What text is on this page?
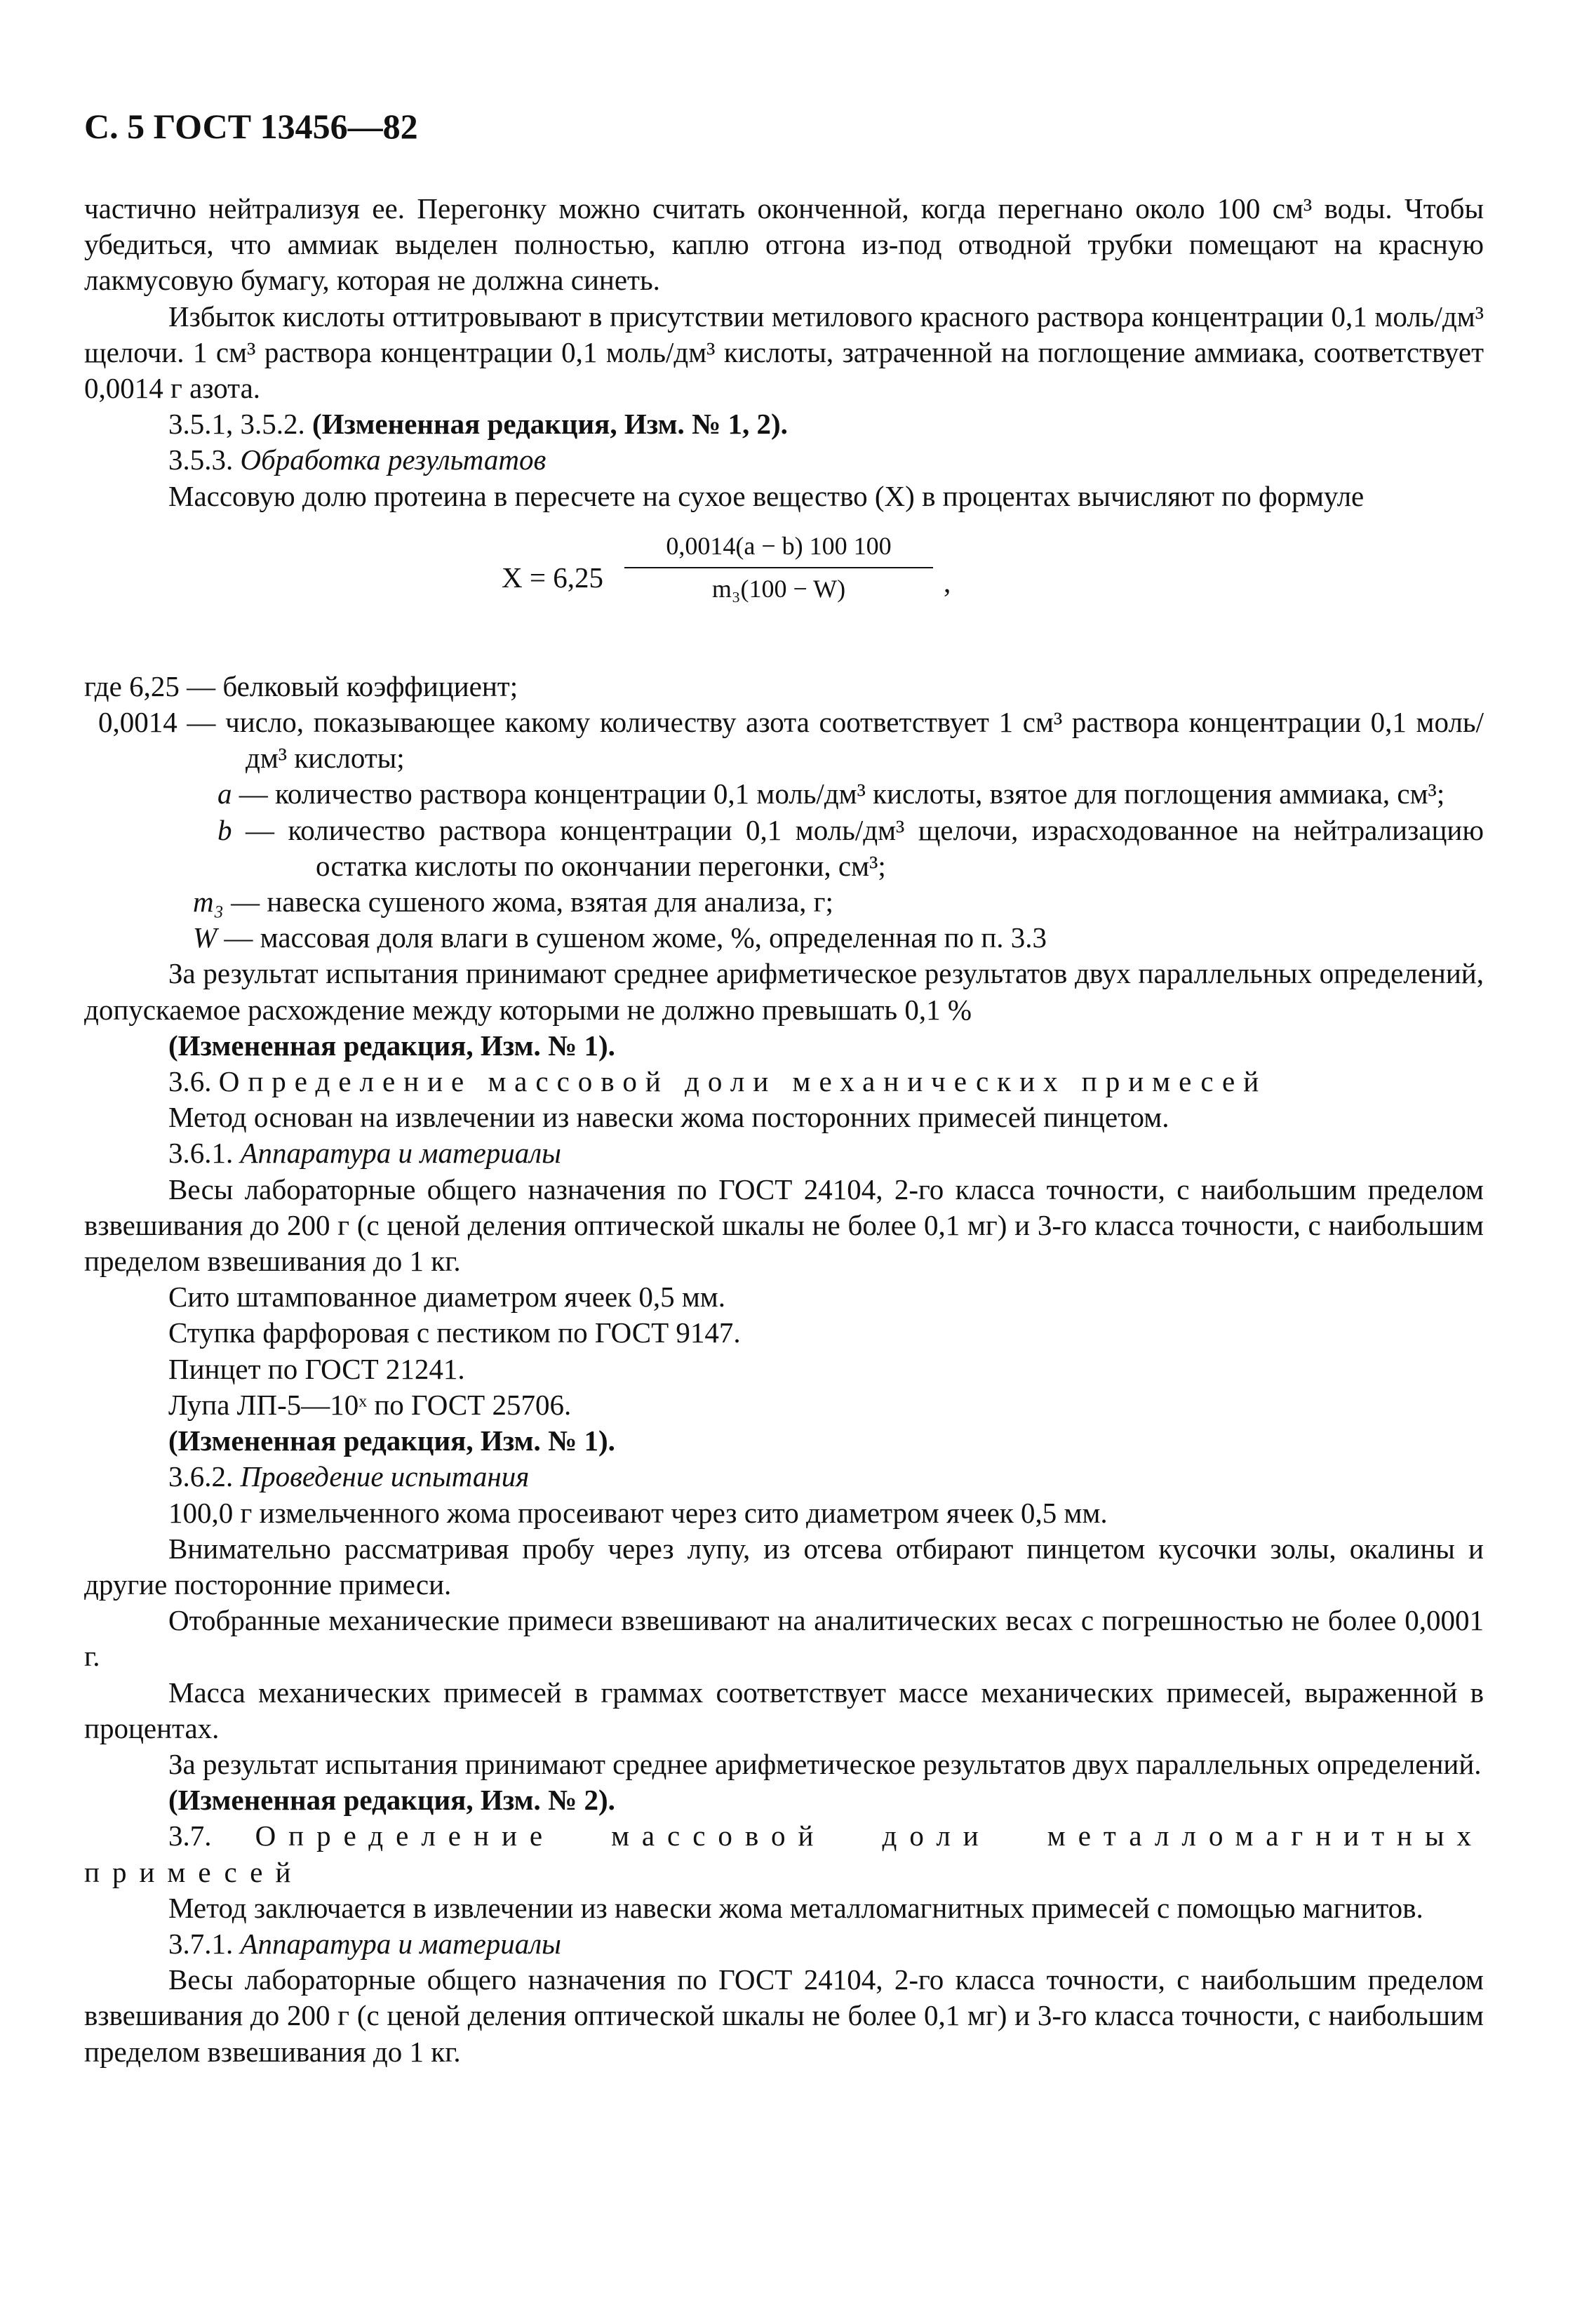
С. 5 ГОСТ 13456—82

частично нейтрализуя ее. Перегонку можно считать оконченной, когда перегнано около 100 см³ воды. Чтобы убедиться, что аммиак выделен полностью, каплю отгона из-под отводной трубки помещают на красную лакмусовую бумагу, которая не должна синеть.

Избыток кислоты оттитровывают в присутствии метилового красного раствора концентрации 0,1 моль/дм³ щелочи. 1 см³ раствора концентрации 0,1 моль/дм³ кислоты, затраченной на поглощение аммиака, соответствует 0,0014 г азота.

3.5.1, 3.5.2. (Измененная редакция, Изм. № 1, 2).

3.5.3. Обработка результатов

Массовую долю протеина в пересчете на сухое вещество (X) в процентах вычисляют по формуле

$X = 6,25 \frac{0,0014(a - b) 100 100}{\text{m₃(100 − W)}}$ ,

где 6,25 — белковый коэффициент;

0,0014 — число, показывающее какому количеству азота соответствует 1 см³ раствора концентрации 0,1 моль/дм³ кислоты;

a — количество раствора концентрации 0,1 моль/дм³ кислоты, взятое для поглощения аммиака, см³;

b — количество раствора концентрации 0,1 моль/дм³ щелочи, израсходованное на нейтрализацию остатка кислоты по окончании перегонки, см³;

m₃ — навеска сушеного жома, взятая для анализа, г;

W — массовая доля влаги в сушеном жоме, %, определенная по п. 3.3

За результат испытания принимают среднее арифметическое результатов двух параллельных определений, допускаемое расхождение между которыми не должно превышать 0,1 %

(Измененная редакция, Изм. № 1).

3.6. Определение массовой доли механических примесей

Метод основан на извлечении из навески жома посторонних примесей пинцетом.

3.6.1. Аппаратура и материалы

Весы лабораторные общего назначения по ГОСТ 24104, 2-го класса точности, с наибольшим пределом взвешивания до 200 г (с ценой деления оптической шкалы не более 0,1 мг) и 3-го класса точности, с наибольшим пределом взвешивания до 1 кг.

Сито штампованное диаметром ячеек 0,5 мм.

Ступка фарфоровая с пестиком по ГОСТ 9147.

Пинцет по ГОСТ 21241.

Лупа ЛП-5—10ˣ по ГОСТ 25706.

(Измененная редакция, Изм. № 1).

3.6.2. Проведение испытания

100,0 г измельченного жома просеивают через сито диаметром ячеек 0,5 мм.

Внимательно рассматривая пробу через лупу, из отсева отбирают пинцетом кусочки золы, окалины и другие посторонние примеси.

Отобранные механические примеси взвешивают на аналитических весах с погрешностью не более 0,0001 г.

Масса механических примесей в граммах соответствует массе механических примесей, выраженной в процентах.

За результат испытания принимают среднее арифметическое результатов двух параллельных определений.

(Измененная редакция, Изм. № 2).

3.7. Определение массовой доли металломагнитных примесей

Метод заключается в извлечении из навески жома металломагнитных примесей с помощью магнитов.

3.7.1. Аппаратура и материалы

Весы лабораторные общего назначения по ГОСТ 24104, 2-го класса точности, с наибольшим пределом взвешивания до 200 г (с ценой деления оптической шкалы не более 0,1 мг) и 3-го класса точности, с наибольшим пределом взвешивания до 1 кг.
